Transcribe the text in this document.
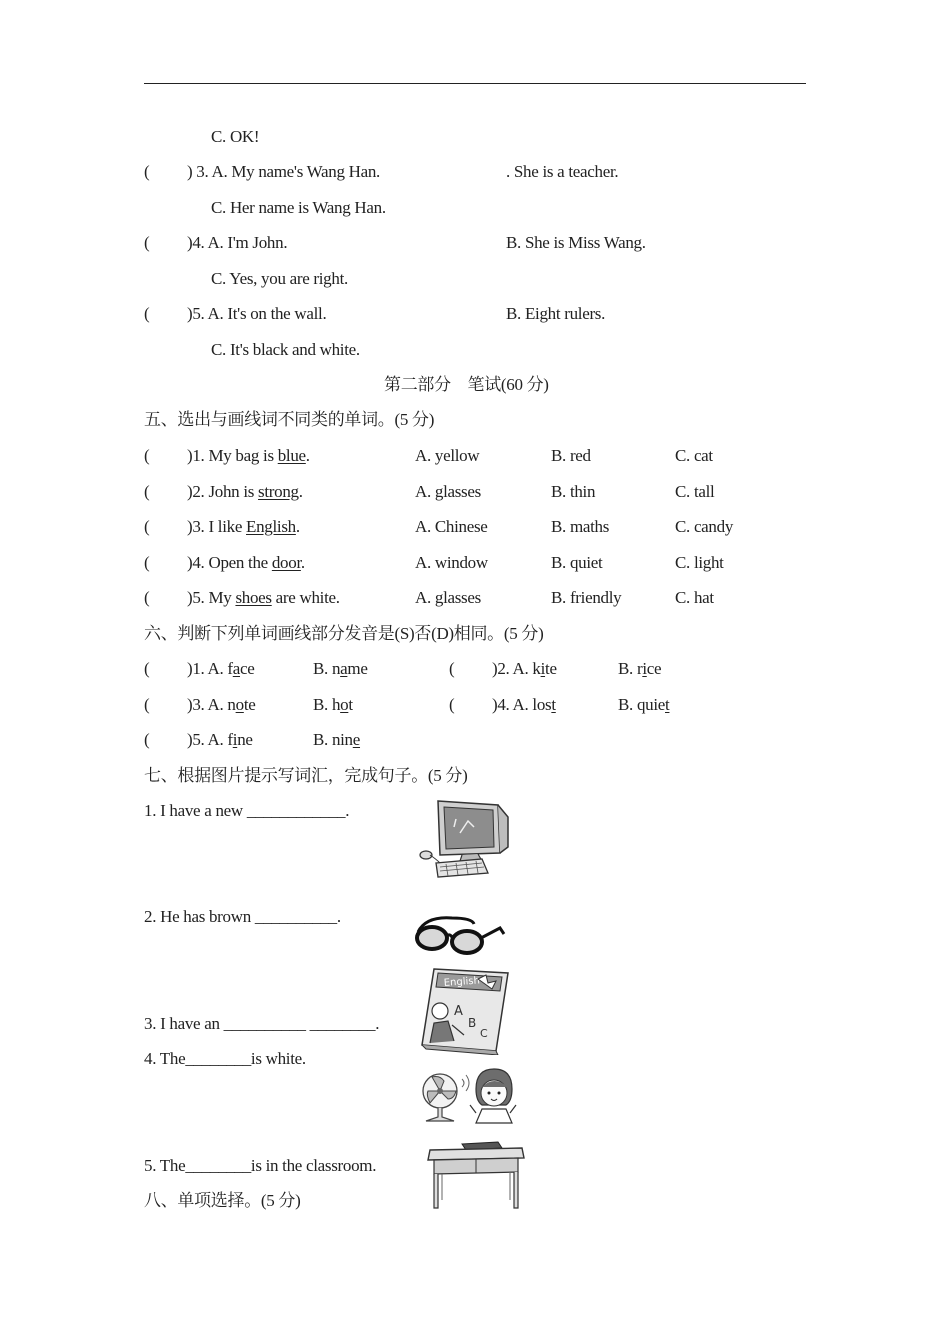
C. OK!
( ) 3. A. My name's Wang Han.	. She is a teacher.
C. Her name is Wang Han.
( )4. A. I'm John.	B. She is Miss Wang.
C. Yes, you are right.
( )5. A. It's on the wall.	B. Eight rulers.
C. It's black and white.
第二部分　笔试(60 分)
五、选出与画线词不同类的单词。(5 分)
( )1. My bag is blue.	A. yellow	B. red	C. cat
( )2. John is strong.	A. glasses	B. thin	C. tall
( )3. I like English.	A. Chinese	B. maths	C. candy
( )4. Open the door.	A. window	B. quiet	C. light
( )5. My shoes are white.	A. glasses	B. friendly	C. hat
六、判断下列单词画线部分发音是(S)否(D)相同。(5 分)
( )1. A. face	B. name	( )2. A. kite	B. rice
( )3. A. note	B. hot	( )4. A. lost	B. quiet
( )5. A. fine	B. nine
七、根据图片提示写词汇，完成句子。(5 分)
1. I have a new ____________.
2. He has brown __________.
3. I have an __________ ________.
4. The________is white.
5. The________is in the classroom.
English
A
B
C
八、单项选择。(5 分)
